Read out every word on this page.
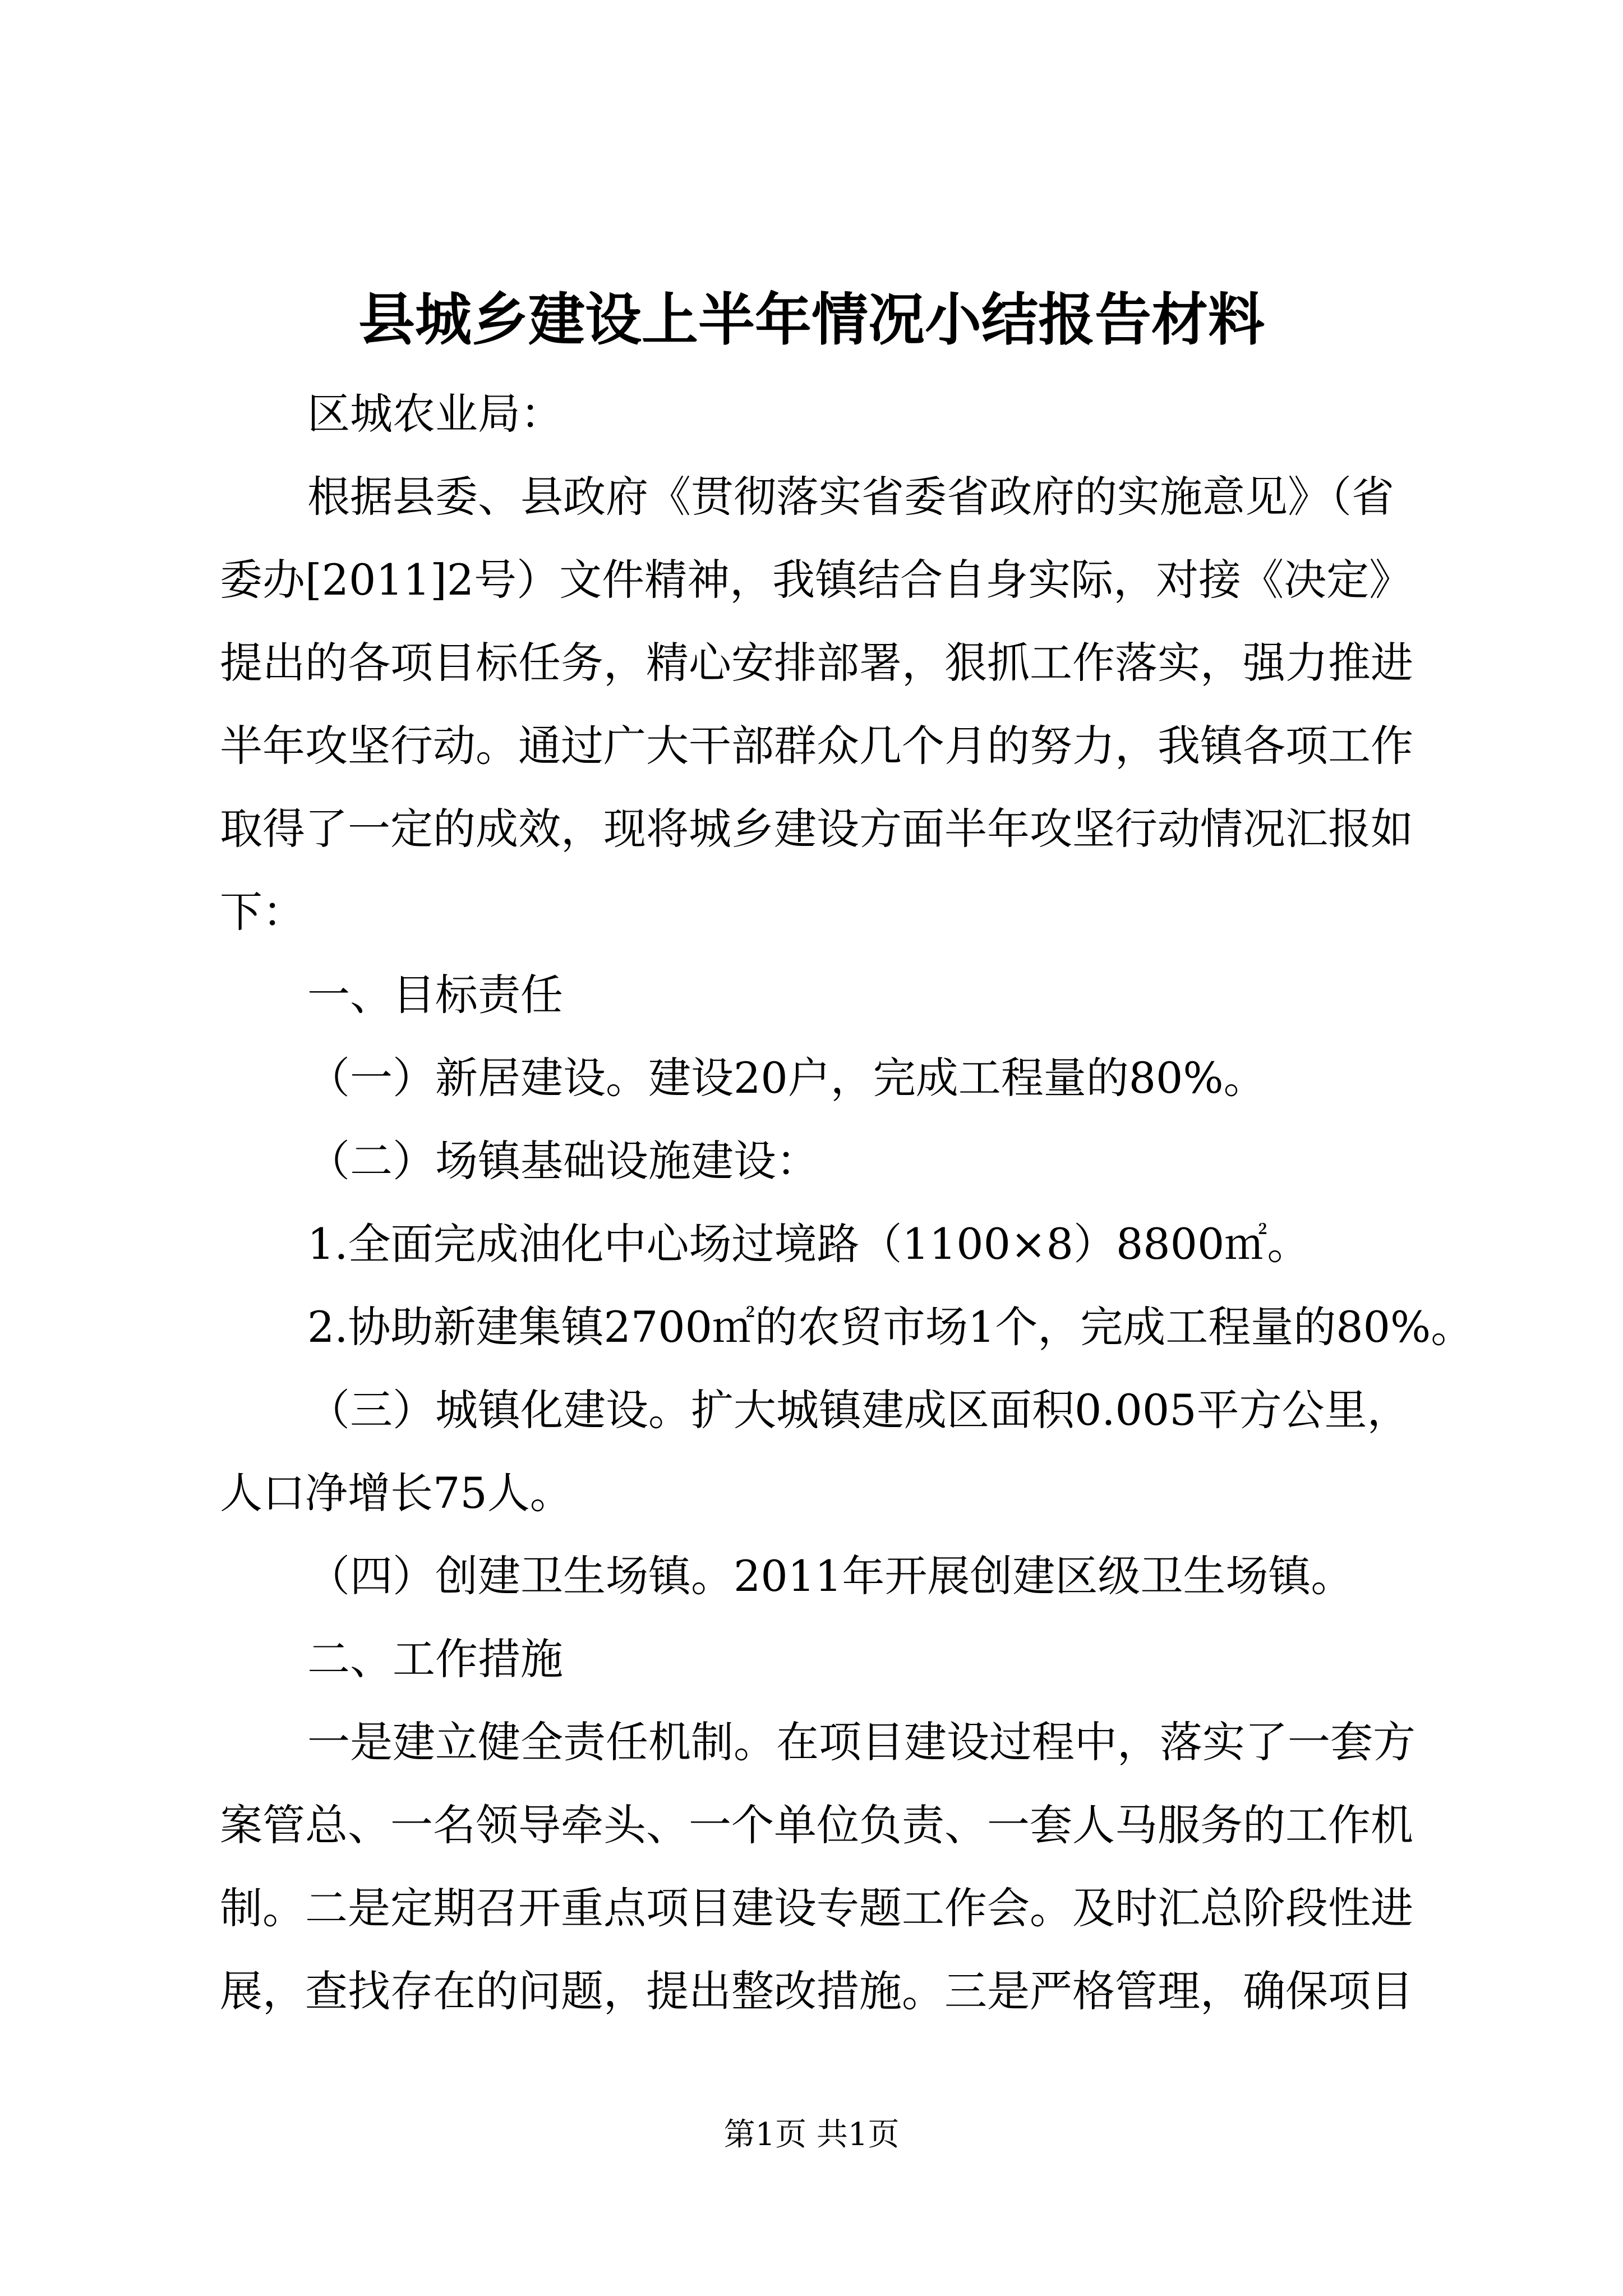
县城乡建设上半年情况小结报告材料
区城农业局：
根据县委、县政府《贯彻落实省委省政府的实施意见》（省
委办[2011]2号）文件精神，我镇结合自身实际，对接《决定》
提出的各项目标任务，精心安排部署，狠抓工作落实，强力推进
半年攻坚行动。通过广大干部群众几个月的努力，我镇各项工作
取得了一定的成效，现将城乡建设方面半年攻坚行动情况汇报如
下：
一、目标责任
（一）新居建设。建设20户，完成工程量的80%。
（二）场镇基础设施建设：
1.全面完成油化中心场过境路（1100×8）8800㎡。
2.协助新建集镇2700㎡的农贸市场1个，完成工程量的80%。
（三）城镇化建设。扩大城镇建成区面积0.005平方公里，
人口净增长75人。
（四）创建卫生场镇。2011年开展创建区级卫生场镇。
二、工作措施
一是建立健全责任机制。在项目建设过程中，落实了一套方
案管总、一名领导牵头、一个单位负责、一套人马服务的工作机
制。二是定期召开重点项目建设专题工作会。及时汇总阶段性进
展，查找存在的问题，提出整改措施。三是严格管理，确保项目
第1页 共1页
